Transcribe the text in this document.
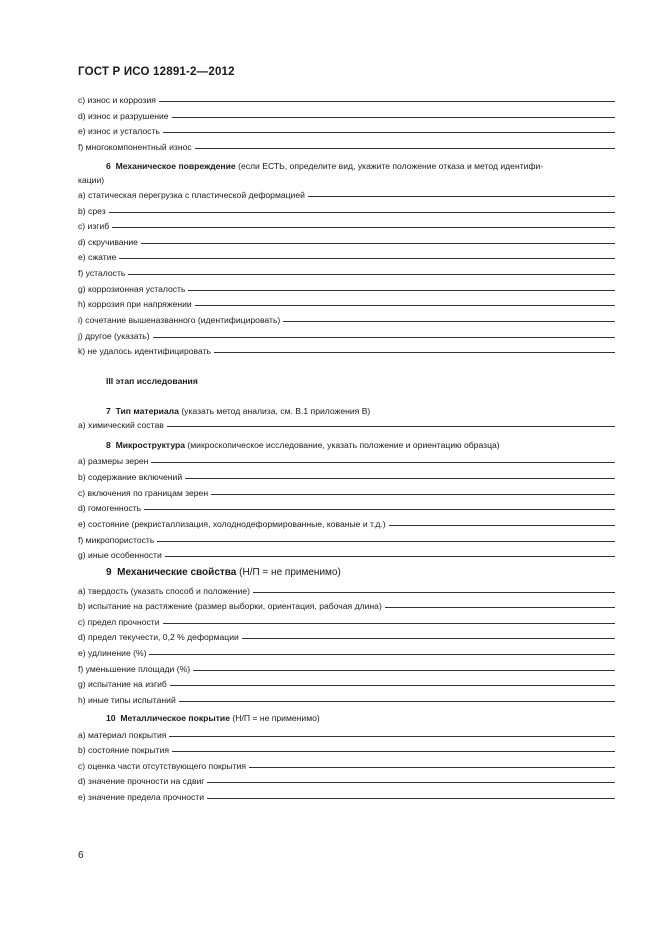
ГОСТ Р ИСО 12891-2—2012
c) износ и коррозия
d) износ и разрушение
e) износ и усталость
f) многокомпонентный износ
6 Механическое повреждение (если ЕСТЬ, определите вид, укажите положение отказа и метод идентифи-
кации)
а) статическая перегрузка с пластической деформацией
b) срез
c) изгиб
d) скручивание
e) сжатие
f) усталость
g) коррозионная усталость
h) коррозия при напряжении
i) сочетание вышеназванного (идентифицировать)
j) другое (указать)
k) не удалось идентифицировать
III этап исследования
7 Тип материала (указать метод анализа, см. В.1 приложения В)
а) химический состав
8 Микроструктура (микроскопическое исследование, указать положение и ориентацию образца)
а) размеры зерен
b) содержание включений
c) включения по границам зерен
d) гомогенность
e) состояние (рекристаллизация, холоднодеформированные, кованые и т.д.)
f) микропористость
g) иные особенности
9 Механические свойства (Н/П = не применимо)
а) твердость (указать способ и положение)
b) испытание на растяжение (размер выборки, ориентация, рабочая длина)
c) предел прочности
d) предел текучести, 0,2 % деформации
e) удлинение (%)
f) уменьшение площади (%)
g) испытание на изгиб
h) иные типы испытаний
10 Металлическое покрытие (Н/П = не применимо)
а) материал покрытия
b) состояние покрытия
c) оценка части отсутствующего покрытия
d) значение прочности на сдвиг
e) значение предела прочности
6
